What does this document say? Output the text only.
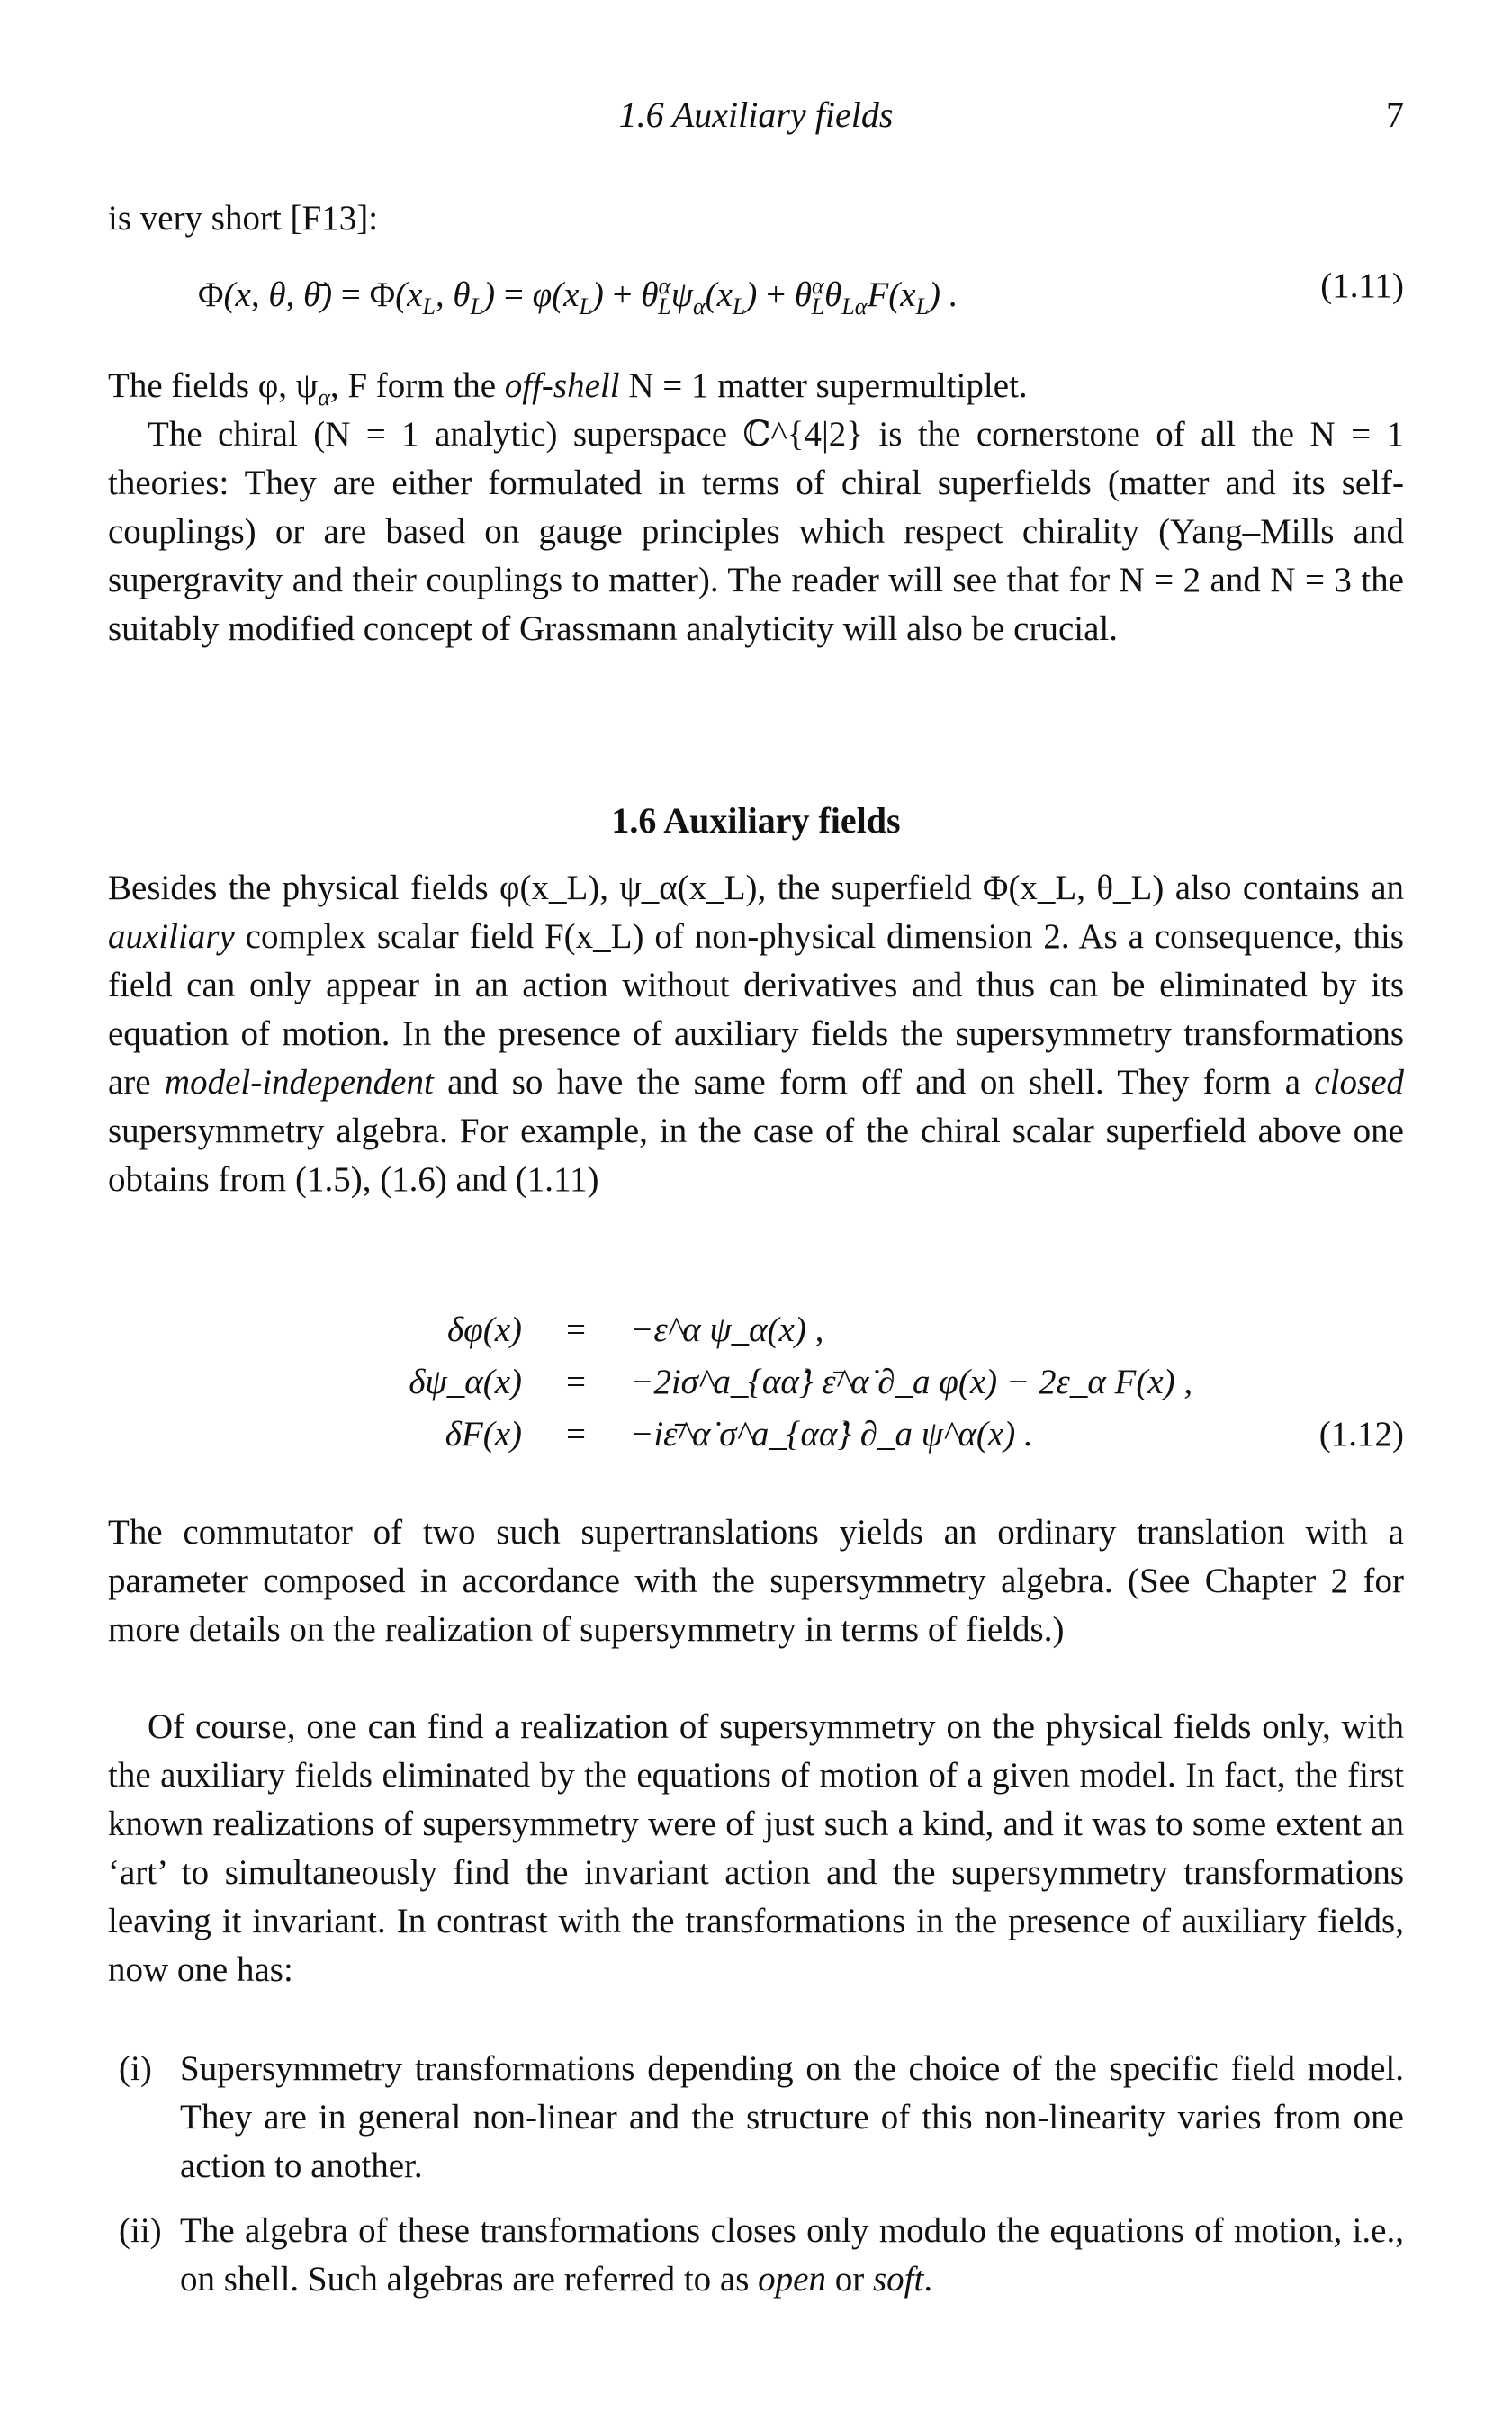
1.6 Auxiliary fields	7
is very short [F13]:
Φ(x, θ, θ̄) = $\Phi(x_L$, $\theta_L) = \varphi(x_L) + \theta^\alpha_L\psi_\alpha(x_L) + \theta^\alpha_L\theta_{L\alpha}F(x_L)$ .	(1.11)
The fields φ, $\psi_\alpha$, F form the off-shell N = 1 matter supermultiplet.
The chiral (N = 1 analytic) superspace ℂ^{4|2} is the cornerstone of all the N = 1 theories: They are either formulated in terms of chiral superfields (matter and its self-couplings) or are based on gauge principles which respect chirality (Yang–Mills and supergravity and their couplings to matter). The reader will see that for N = 2 and N = 3 the suitably modified concept of Grassmann analyticity will also be crucial.
1.6 Auxiliary fields
Besides the physical fields φ(x_L), ψ_α(x_L), the superfield Φ(x_L, θ_L) also contains an auxiliary complex scalar field F(x_L) of non-physical dimension 2. As a consequence, this field can only appear in an action without derivatives and thus can be eliminated by its equation of motion. In the presence of auxiliary fields the supersymmetry transformations are model-independent and so have the same form off and on shell. They form a closed supersymmetry algebra. For example, in the case of the chiral scalar superfield above one obtains from (1.5), (1.6) and (1.11)
δφ(x)	=	−ε^α ψ_α(x) ,
δψ_α(x)	=	−2iσ^a_{αα̇} ε̄^α̇ ∂_a φ(x) − 2ε_α F(x) ,
δF(x)	=	−iε̄^α̇ σ^a_{αα̇} ∂_a ψ^α(x) .	(1.12)
The commutator of two such supertranslations yields an ordinary translation with a parameter composed in accordance with the supersymmetry algebra. (See Chapter 2 for more details on the realization of supersymmetry in terms of fields.)
Of course, one can find a realization of supersymmetry on the physical fields only, with the auxiliary fields eliminated by the equations of motion of a given model. In fact, the first known realizations of supersymmetry were of just such a kind, and it was to some extent an ‘art’ to simultaneously find the invariant action and the supersymmetry transformations leaving it invariant. In contrast with the transformations in the presence of auxiliary fields, now one has:
(i) Supersymmetry transformations depending on the choice of the specific field model. They are in general non-linear and the structure of this non-linearity varies from one action to another.
(ii) The algebra of these transformations closes only modulo the equations of motion, i.e., on shell. Such algebras are referred to as open or soft.
